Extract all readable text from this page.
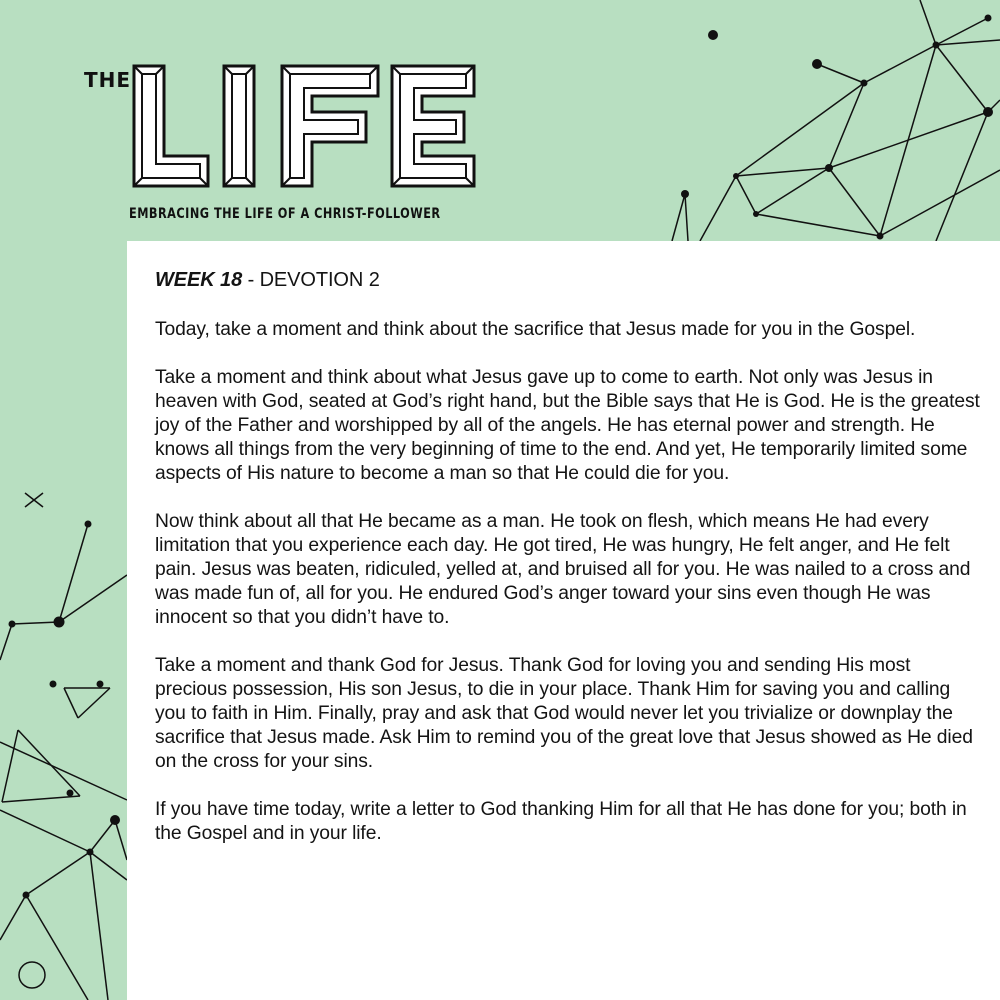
THE
EMBRACING THE LIFE OF A CHRIST-FOLLOWER
WEEK 18 - DEVOTION 2

Today, take a moment and think about the sacrifice that Jesus made for you in the Gospel.

Take a moment and think about what Jesus gave up to come to earth. Not only was Jesus in heaven with God, seated at God’s right hand, but the Bible says that He is God. He is the greatest joy of the Father and worshipped by all of the angels. He has eternal power and strength. He knows all things from the very beginning of time to the end. And yet, He temporarily limited some aspects of His nature to become a man so that He could die for you.

Now think about all that He became as a man. He took on flesh, which means He had every limitation that you experience each day. He got tired, He was hungry, He felt anger, and He felt pain. Jesus was beaten, ridiculed, yelled at, and bruised all for you. He was nailed to a cross and was made fun of, all for you. He endured God’s anger toward your sins even though He was innocent so that you didn’t have to.

Take a moment and thank God for Jesus. Thank God for loving you and sending His most precious possession, His son Jesus, to die in your place. Thank Him for saving you and calling you to faith in Him. Finally, pray and ask that God would never let you trivialize or downplay the sacrifice that Jesus made. Ask Him to remind you of the great love that Jesus showed as He died on the cross for your sins.

If you have time today, write a letter to God thanking Him for all that He has done for you; both in the Gospel and in your life.
